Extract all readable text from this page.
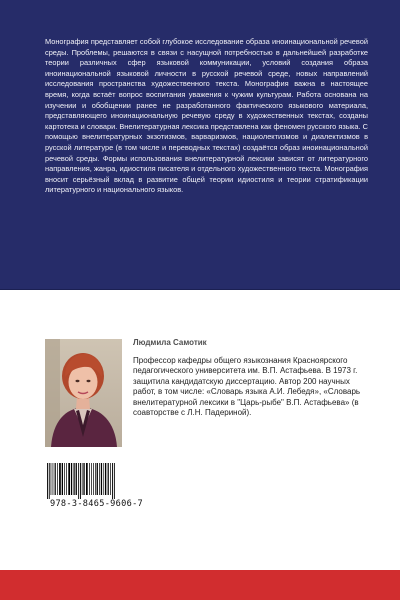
Монография представляет собой глубокое исследование образа иноинациональной речевой среды. Проблемы, решаются в связи с насущной потребностью в дальнейшей разработке теории различных сфер языковой коммуникации, условий создания образа иноинациональной языковой личности в русской речевой среде, новых направлений исследования пространства художественного текста. Монография важна в настоящее время, когда встаёт вопрос воспитания уважения к чужим культурам. Работа основана на изучении и обобщении ранее не разработанного фактического языкового материала, представляющего иноинациональную речевую среду в художественных текстах, созданы картотека и словари. Внелитературная лексика представлена как феномен русского языка. С помощью внелитературных экзотизмов, варваризмов, нациолектизмов и диалектизмов в русской литературе (в том числе и переводных текстах) создаётся образ иноинациональной речевой среды. Формы использования внелитературной лексики зависят от литературного направления, жанра, идиостиля писателя и отдельного художественного текста. Монография вносит серьёзный вклад в развитие общей теории идиостиля и теории стратификации литературного и национального языков.

Людмила Самотик

Профессор кафедры общего языкознания Красноярского педагогического университета им. В.П. Астафьева. В 1973 г. защитила кандидатскую диссертацию. Автор 200 научных работ, в том числе: «Словарь языка А.И. Лебедя», «Словарь внелитературной лексики в "Царь-рыбе" В.П. Астафьева» (в соавторстве с Л.Н. Падериной).

978-3-8465-9606-7
